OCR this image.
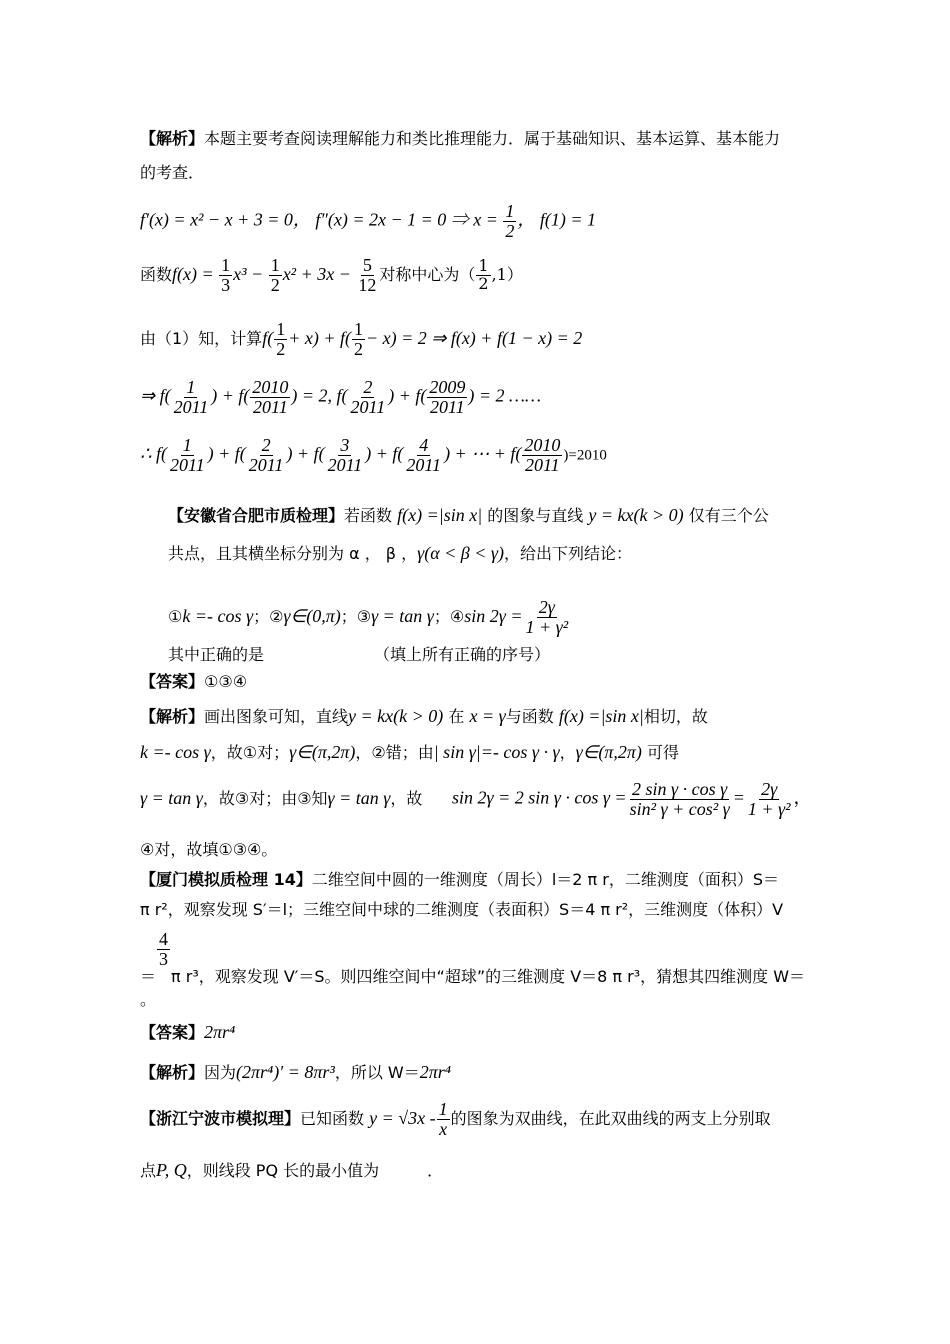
【解析】本题主要考查阅读理解能力和类比推理能力．属于基础知识、基本运算、基本能力
的考查．
f′(x) = x² − x + 3 = 0， f″(x) = 2x − 1 = 0 ⇒ $x = \frac{1}{2}$ ， f(1) = 1
函数$f(x) = \frac{1}{3} x^3 - \frac{1}{2} x^2 + 3x - \frac{5}{12}$ 对称中心为（ $\frac{1}{2} ,1$）
由（1）知，计算$f( \frac{1}{2} + x) + f( \frac{1}{2} - x) = 2$ ⇒ f(x) + f(1 − x) = 2
⇒ $f( \frac{1}{2011}$ ) + $f( \frac{2010}{2011}$ ) = 2, $f( \frac{2}{2011}$ ) + $f( \frac{2009}{2011}$ ) = 2 ……
∴ $f( \frac{1}{2011}$ ) + $f( \frac{2}{2011}$ ) + $f( \frac{3}{2011}$ ) + $f( \frac{4}{2011}$ ) + ⋯ + $f( \frac{2010}{2011} )=2010$
【安徽省合肥市质检理】若函数 f(x) =|sin x| 的图象与直线 y = kx(k > 0) 仅有三个公
共点，且其横坐标分别为 α ， β ，γ(α < β < γ)，给出下列结论：
①k =- cos γ；②γ∈(0,π)；③γ = tan γ；④sin $2\gamma = \frac{2\gamma}{\text{1 + γ²}}$
其中正确的是	（填上所有正确的序号）
【答案】①③④
【解析】画出图象可知，直线y = kx(k > 0) 在 x = γ与函数 f(x) =|sin x|相切，故
k =- cos γ，故①对；γ∈(π,2π)，②错；由| sin γ|=- cos γ · γ，γ∈(π,2π) 可得
γ = tan γ，故③对；由③知γ = tan γ，故 sin 2γ = 2 $\sin \gamma \cdot \cos \gamma = \frac{\text{2 sin γ · cos γ}}{\text{sin² γ + cos² γ}} = \frac{2\gamma}{\text{1 + γ²}}$ ，
④对，故填①③④。
【厦门模拟质检理 14】二维空间中圆的一维测度（周长）l＝2 π r，二维测度（面积）S＝
π r²，观察发现 S′＝l；三维空间中球的二维测度（表面积）S＝4 π r²，三维测度（体积）V
＝
$\frac{4}{3}$
π r³，观察发现 V′＝S。则四维空间中“超球”的三维测度 V＝8 π r³，猜想其四维测度 W＝
。
【答案】2πr⁴
【解析】因为(2πr⁴)′ = 8πr³，所以 W＝2πr⁴
【浙江宁波市模拟理】已知函数 $y = √3x - \frac{1}{x}$ 的图象为双曲线，在此双曲线的两支上分别取
点P, Q，则线段 PQ 长的最小值为	．
